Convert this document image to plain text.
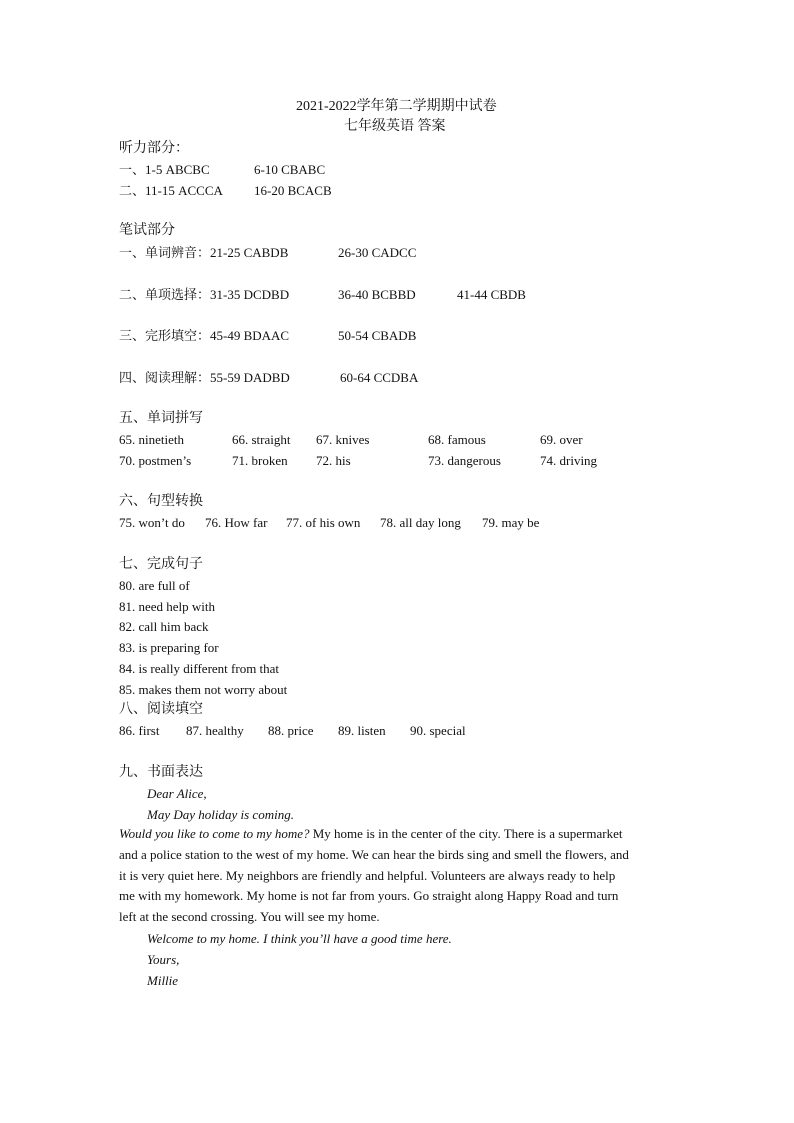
2021-2022学年第二学期期中试卷
七年级英语 答案
听力部分：
一、1-5 ABCBC	6-10 CBABC
二、11-15 ACCCA 16-20 BCACB
笔试部分
一、单词辨音：21-25 CABDB	26-30 CADCC
二、单项选择：31-35 DCDBD	36-40 BCBBD	41-44 CBDB
三、完形填空：45-49 BDAAC	50-54 CBADB
四、阅读理解：55-59 DADBD	60-64 CCDBA
五、单词拼写
65. ninetieth	66. straight 67. knives	68. famous	69. over
70. postmen’s	71. broken 72. his	73. dangerous	74. driving
六、句型转换
75. won’t do 76. How far 77. of his own 78. all day long 79. may be
七、完成句子
80. are full of
81. need help with
82. call him back
83. is preparing for
84. is really different from that
85. makes them not worry about
八、阅读填空
86. first 87. healthy 88. price 89. listen 90. special
九、书面表达
Dear Alice,
May Day holiday is coming.
Would you like to come to my home? My home is in the center of the city. There is a supermarket
and a police station to the west of my home. We can hear the birds sing and smell the flowers, and
it is very quiet here. My neighbors are friendly and helpful. Volunteers are always ready to help
me with my homework. My home is not far from yours. Go straight along Happy Road and turn
left at the second crossing. You will see my home.
Welcome to my home. I think you’ll have a good time here.
Yours,
Millie
